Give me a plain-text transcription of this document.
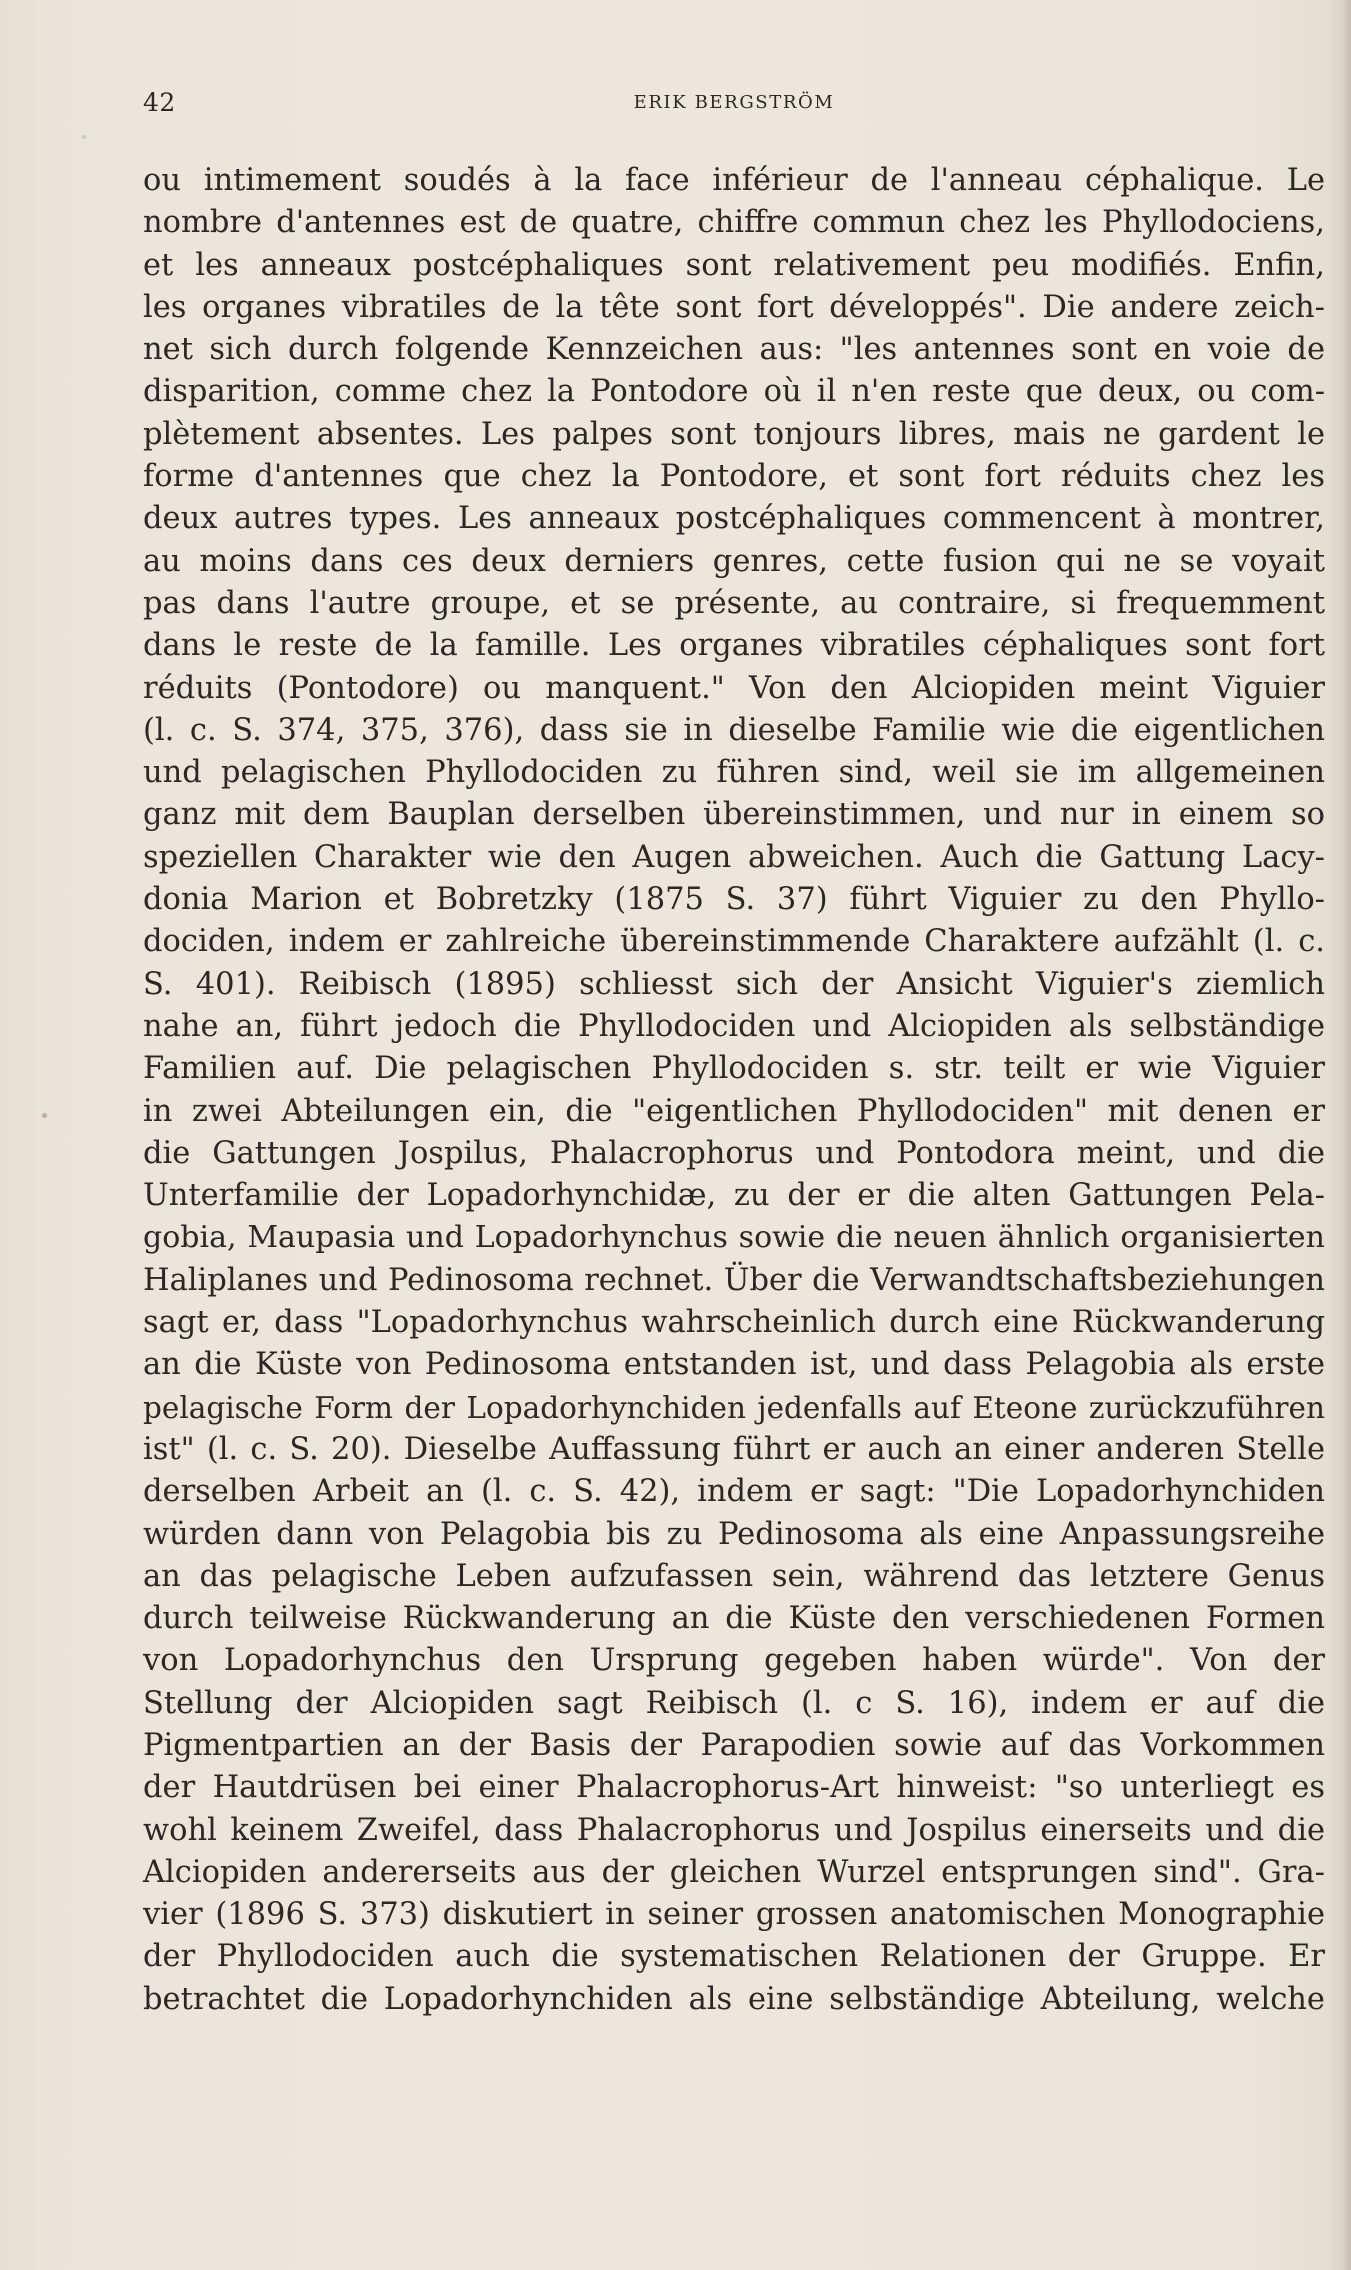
42	ERIK BERGSTRÖM
ou intimement soudés à la face inférieur de l'anneau céphalique. Le
nombre d'antennes est de quatre, chiffre commun chez les Phyllodociens,
et les anneaux postcéphaliques sont relativement peu modifiés. Enfin,
les organes vibratiles de la tête sont fort développés". Die andere zeich-
net sich durch folgende Kennzeichen aus: "les antennes sont en voie de
disparition, comme chez la Pontodore où il n'en reste que deux, ou com-
plètement absentes. Les palpes sont tonjours libres, mais ne gardent le
forme d'antennes que chez la Pontodore, et sont fort réduits chez les
deux autres types. Les anneaux postcéphaliques commencent à montrer,
au moins dans ces deux derniers genres, cette fusion qui ne se voyait
pas dans l'autre groupe, et se présente, au contraire, si frequemment
dans le reste de la famille. Les organes vibratiles céphaliques sont fort
réduits (Pontodore) ou manquent." Von den Alciopiden meint Viguier
(l. c. S. 374, 375, 376), dass sie in dieselbe Familie wie die eigentlichen
und pelagischen Phyllodociden zu führen sind, weil sie im allgemeinen
ganz mit dem Bauplan derselben übereinstimmen, und nur in einem so
speziellen Charakter wie den Augen abweichen. Auch die Gattung Lacy-
donia Marion et Bobretzky (1875 S. 37) führt Viguier zu den Phyllo-
dociden, indem er zahlreiche übereinstimmende Charaktere aufzählt (l. c.
S. 401). Reibisch (1895) schliesst sich der Ansicht Viguier's ziemlich
nahe an, führt jedoch die Phyllodociden und Alciopiden als selbständige
Familien auf. Die pelagischen Phyllodociden s. str. teilt er wie Viguier
in zwei Abteilungen ein, die "eigentlichen Phyllodociden" mit denen er
die Gattungen Jospilus, Phalacrophorus und Pontodora meint, und die
Unterfamilie der Lopadorhynchidæ, zu der er die alten Gattungen Pela-
gobia, Maupasia und Lopadorhynchus sowie die neuen ähnlich organisierten
Haliplanes und Pedinosoma rechnet. Über die Verwandtschaftsbeziehungen
sagt er, dass "Lopadorhynchus wahrscheinlich durch eine Rückwanderung
an die Küste von Pedinosoma entstanden ist, und dass Pelagobia als erste
pelagische Form der Lopadorhynchiden jedenfalls auf Eteone zurückzuführen
ist" (l. c. S. 20). Dieselbe Auffassung führt er auch an einer anderen Stelle
derselben Arbeit an (l. c. S. 42), indem er sagt: "Die Lopadorhynchiden
würden dann von Pelagobia bis zu Pedinosoma als eine Anpassungsreihe
an das pelagische Leben aufzufassen sein, während das letztere Genus
durch teilweise Rückwanderung an die Küste den verschiedenen Formen
von Lopadorhynchus den Ursprung gegeben haben würde". Von der
Stellung der Alciopiden sagt Reibisch (l. c S. 16), indem er auf die
Pigmentpartien an der Basis der Parapodien sowie auf das Vorkommen
der Hautdrüsen bei einer Phalacrophorus-Art hinweist: "so unterliegt es
wohl keinem Zweifel, dass Phalacrophorus und Jospilus einerseits und die
Alciopiden andererseits aus der gleichen Wurzel entsprungen sind". Gra-
vier (1896 S. 373) diskutiert in seiner grossen anatomischen Monographie
der Phyllodociden auch die systematischen Relationen der Gruppe. Er
betrachtet die Lopadorhynchiden als eine selbständige Abteilung, welche
